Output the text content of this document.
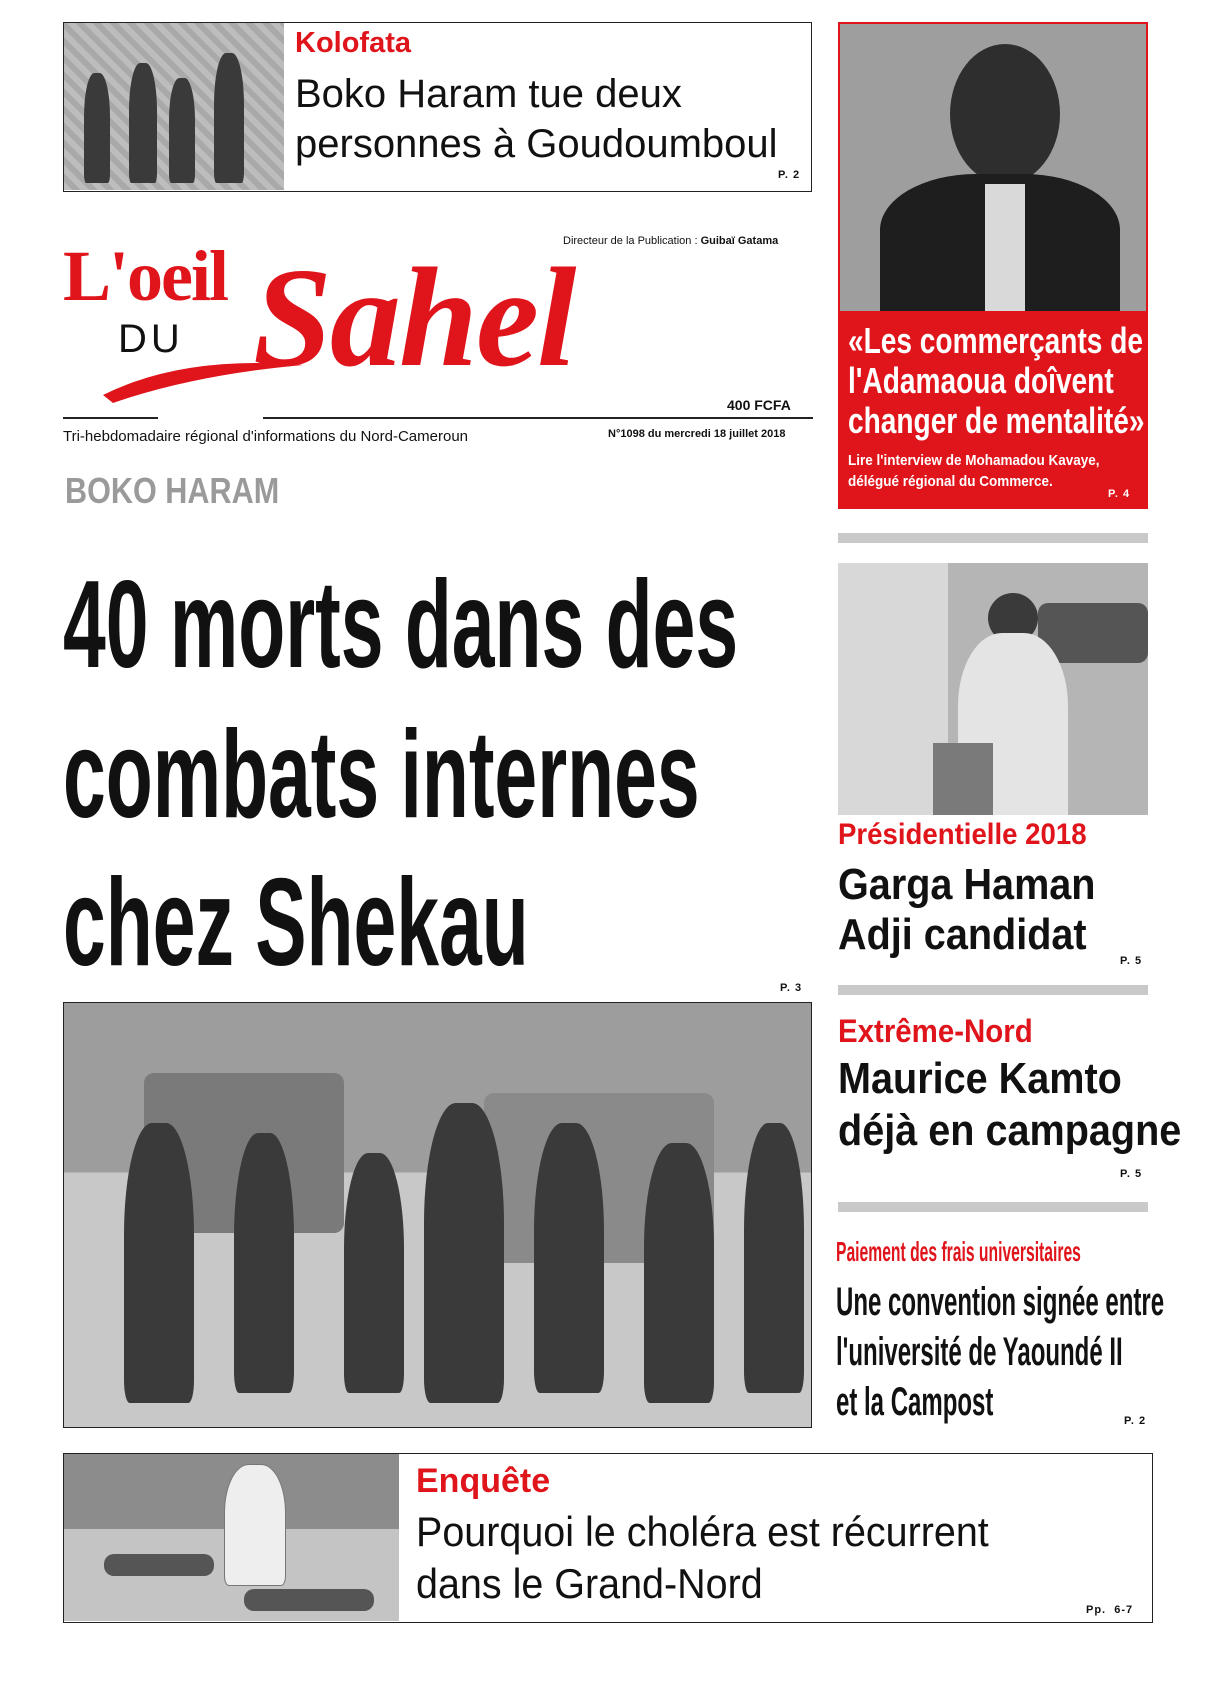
Kolofata
Boko Haram tue deux
personnes à Goudoumboul
P. 2
Directeur de la Publication : Guibaï Gatama
L'oeil
DU Sahel
400 FCFA
Tri-hebdomadaire régional d'informations du Nord-Cameroun	N°1098 du mercredi 18 juillet 2018
BOKO HARAM
40 morts dans des
combats internes
chez Shekau	P. 3
«Les commerçants de
l'Adamaoua doîvent
changer de mentalité»
Lire l'interview de Mohamadou Kavaye,
délégué régional du Commerce.
P. 4
Présidentielle 2018
Garga Haman
Adji candidat
P. 5
Extrême-Nord
Maurice Kamto
déjà en campagne
P. 5
Paiement des frais universitaires
Une convention signée entre
l'université de Yaoundé II
et la Campost	P. 2
Enquête
Pourquoi le choléra est récurrent
dans le Grand-Nord
Pp.  6-7
